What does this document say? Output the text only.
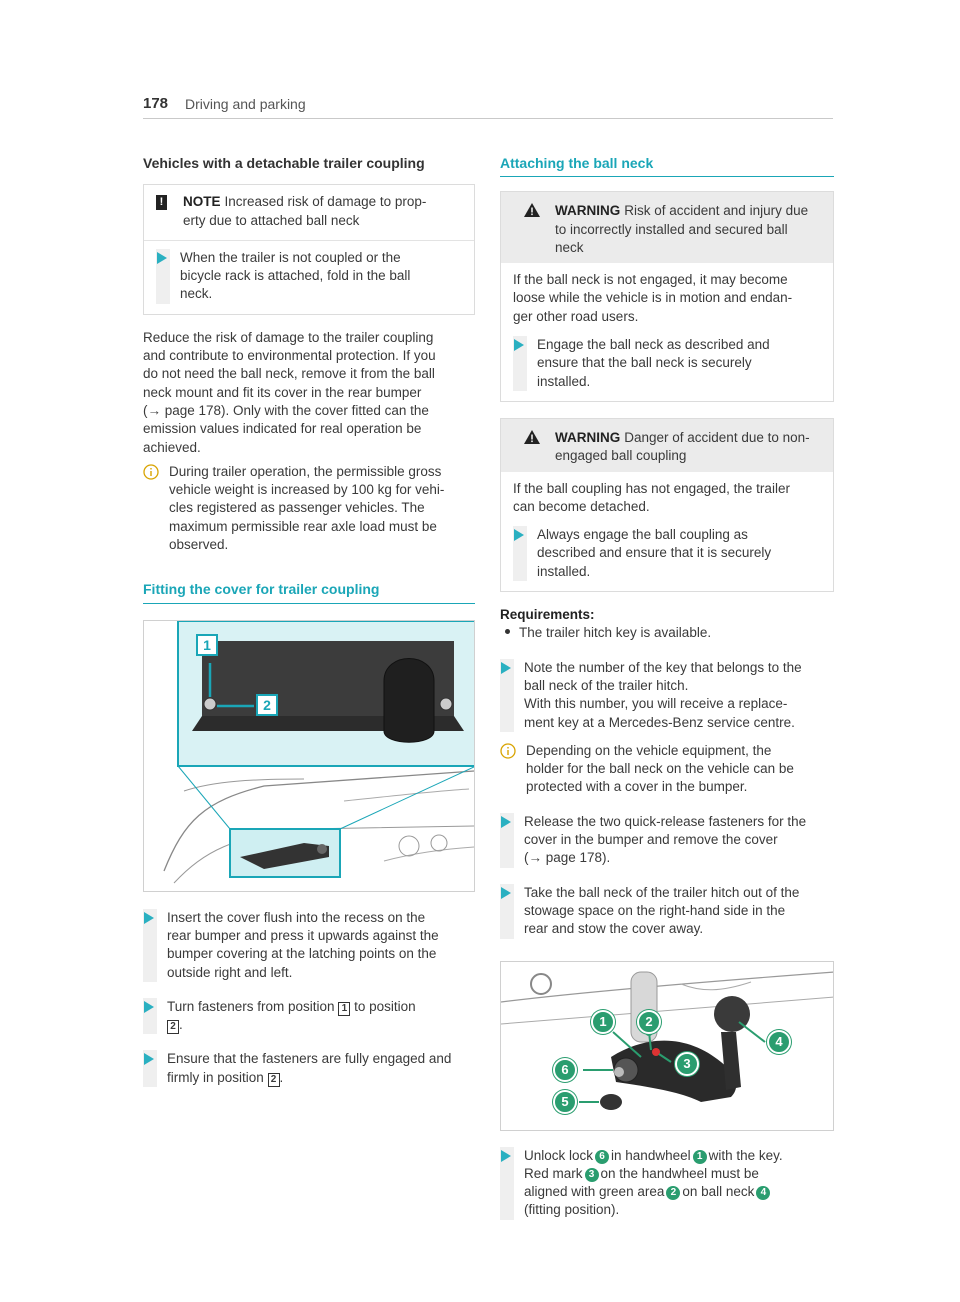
178 Driving and parking
Vehicles with a detachable trailer coupling
! NOTE Increased risk of damage to prop-
erty due to attached ball neck
When the trailer is not coupled or the
bicycle rack is attached, fold in the ball
neck.
Reduce the risk of damage to the trailer coupling
and contribute to environmental protection. If you
do not need the ball neck, remove it from the ball
neck mount and fit its cover in the rear bumper
(→ page 178). Only with the cover fitted can the
emission values indicated for real operation be
achieved.
During trailer operation, the permissible gross
vehicle weight is increased by 100 kg for vehi-
cles registered as passenger vehicles. The
maximum permissible rear axle load must be
observed.
Fitting the cover for trailer coupling
1
2
Insert the cover flush into the recess on the
rear bumper and press it upwards against the
bumper covering at the latching points on the
outside right and left.
Turn fasteners from position 1 to position
2 .
Ensure that the fasteners are fully engaged and
firmly in position 2 .
Attaching the ball neck
WARNING Risk of accident and injury due
to incorrectly installed and secured ball
neck
If the ball neck is not engaged, it may become
loose while the vehicle is in motion and endan-
ger other road users.
Engage the ball neck as described and
ensure that the ball neck is securely
installed.
WARNING Danger of accident due to non-
engaged ball coupling
If the ball coupling has not engaged, the trailer
can become detached.
Always engage the ball coupling as
described and ensure that it is securely
installed.
Requirements:
The trailer hitch key is available.
Note the number of the key that belongs to the
ball neck of the trailer hitch.
With this number, you will receive a replace-
ment key at a Mercedes-Benz service centre.
Depending on the vehicle equipment, the
holder for the ball neck on the vehicle can be
protected with a cover in the bumper.
Release the two quick-release fasteners for the
cover in the bumper and remove the cover
(→ page 178).
Take the ball neck of the trailer hitch out of the
stowage space on the right-hand side in the
rear and stow the cover away.
1	2
3
4
5
6
Unlock lock 6 in handwheel 1 with the key.
Red mark 3 on the handwheel must be
aligned with green area 2 on ball neck 4
(fitting position).
